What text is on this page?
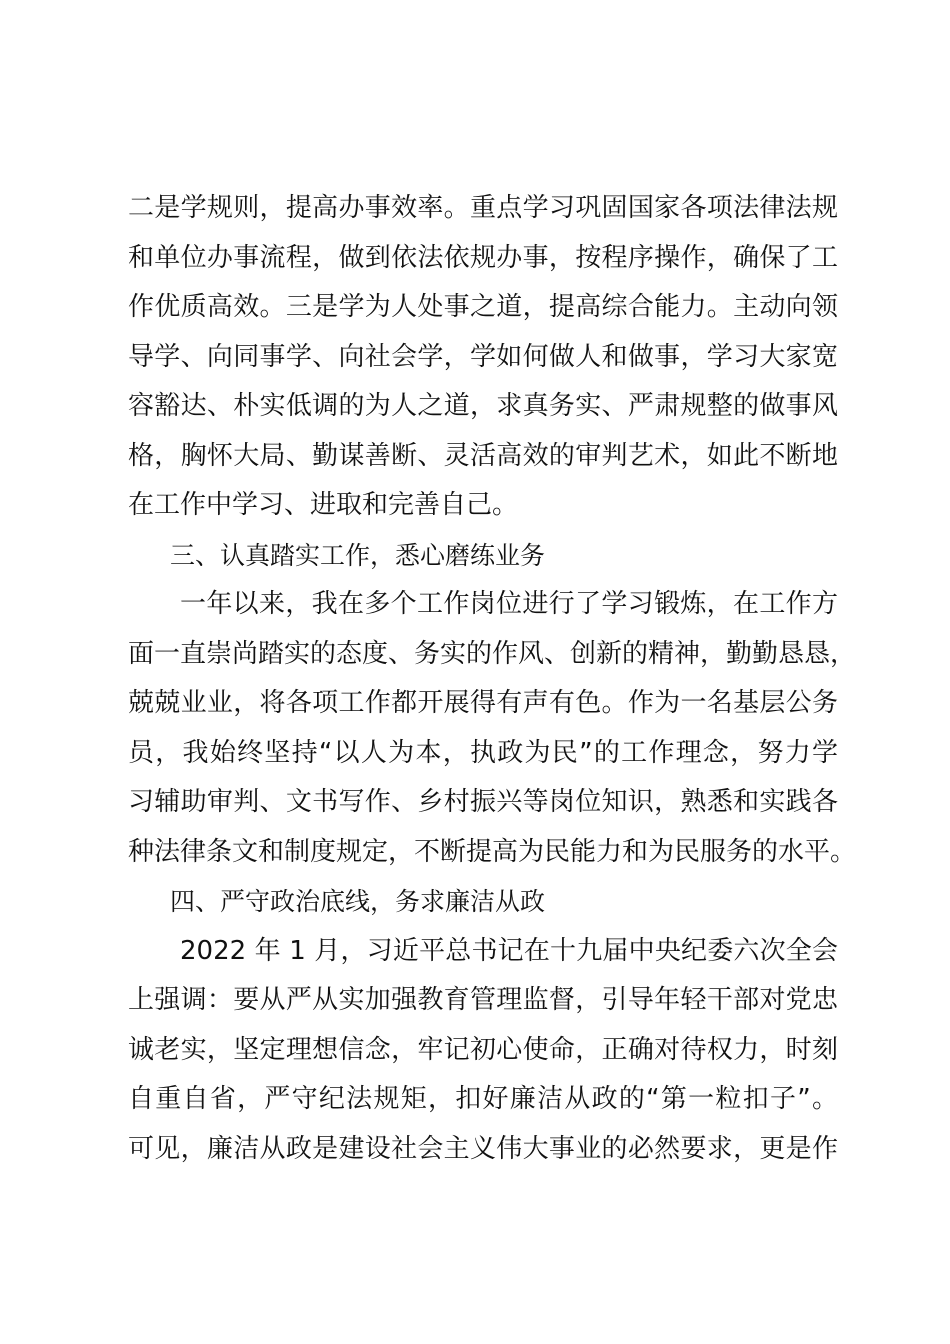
二是学规则，提高办事效率。重点学习巩固国家各项法律法规
和单位办事流程，做到依法依规办事，按程序操作，确保了工
作优质高效。三是学为人处事之道，提高综合能力。主动向领
导学、向同事学、向社会学，学如何做人和做事，学习大家宽
容豁达、朴实低调的为人之道，求真务实、严肃规整的做事风
格，胸怀大局、勤谋善断、灵活高效的审判艺术，如此不断地
在工作中学习、进取和完善自己。
三、认真踏实工作，悉心磨练业务
一年以来，我在多个工作岗位进行了学习锻炼，在工作方
面一直崇尚踏实的态度、务实的作风、创新的精神，勤勤恳恳，
兢兢业业，将各项工作都开展得有声有色。作为一名基层公务
员，我始终坚持“以人为本，执政为民”的工作理念，努力学
习辅助审判、文书写作、乡村振兴等岗位知识，熟悉和实践各
种法律条文和制度规定，不断提高为民能力和为民服务的水平。
四、严守政治底线，务求廉洁从政
2022 年 1 月，习近平总书记在十九届中央纪委六次全会
上强调：要从严从实加强教育管理监督，引导年轻干部对党忠
诚老实，坚定理想信念，牢记初心使命，正确对待权力，时刻
自重自省，严守纪法规矩，扣好廉洁从政的“第一粒扣子”。
可见，廉洁从政是建设社会主义伟大事业的必然要求，更是作
